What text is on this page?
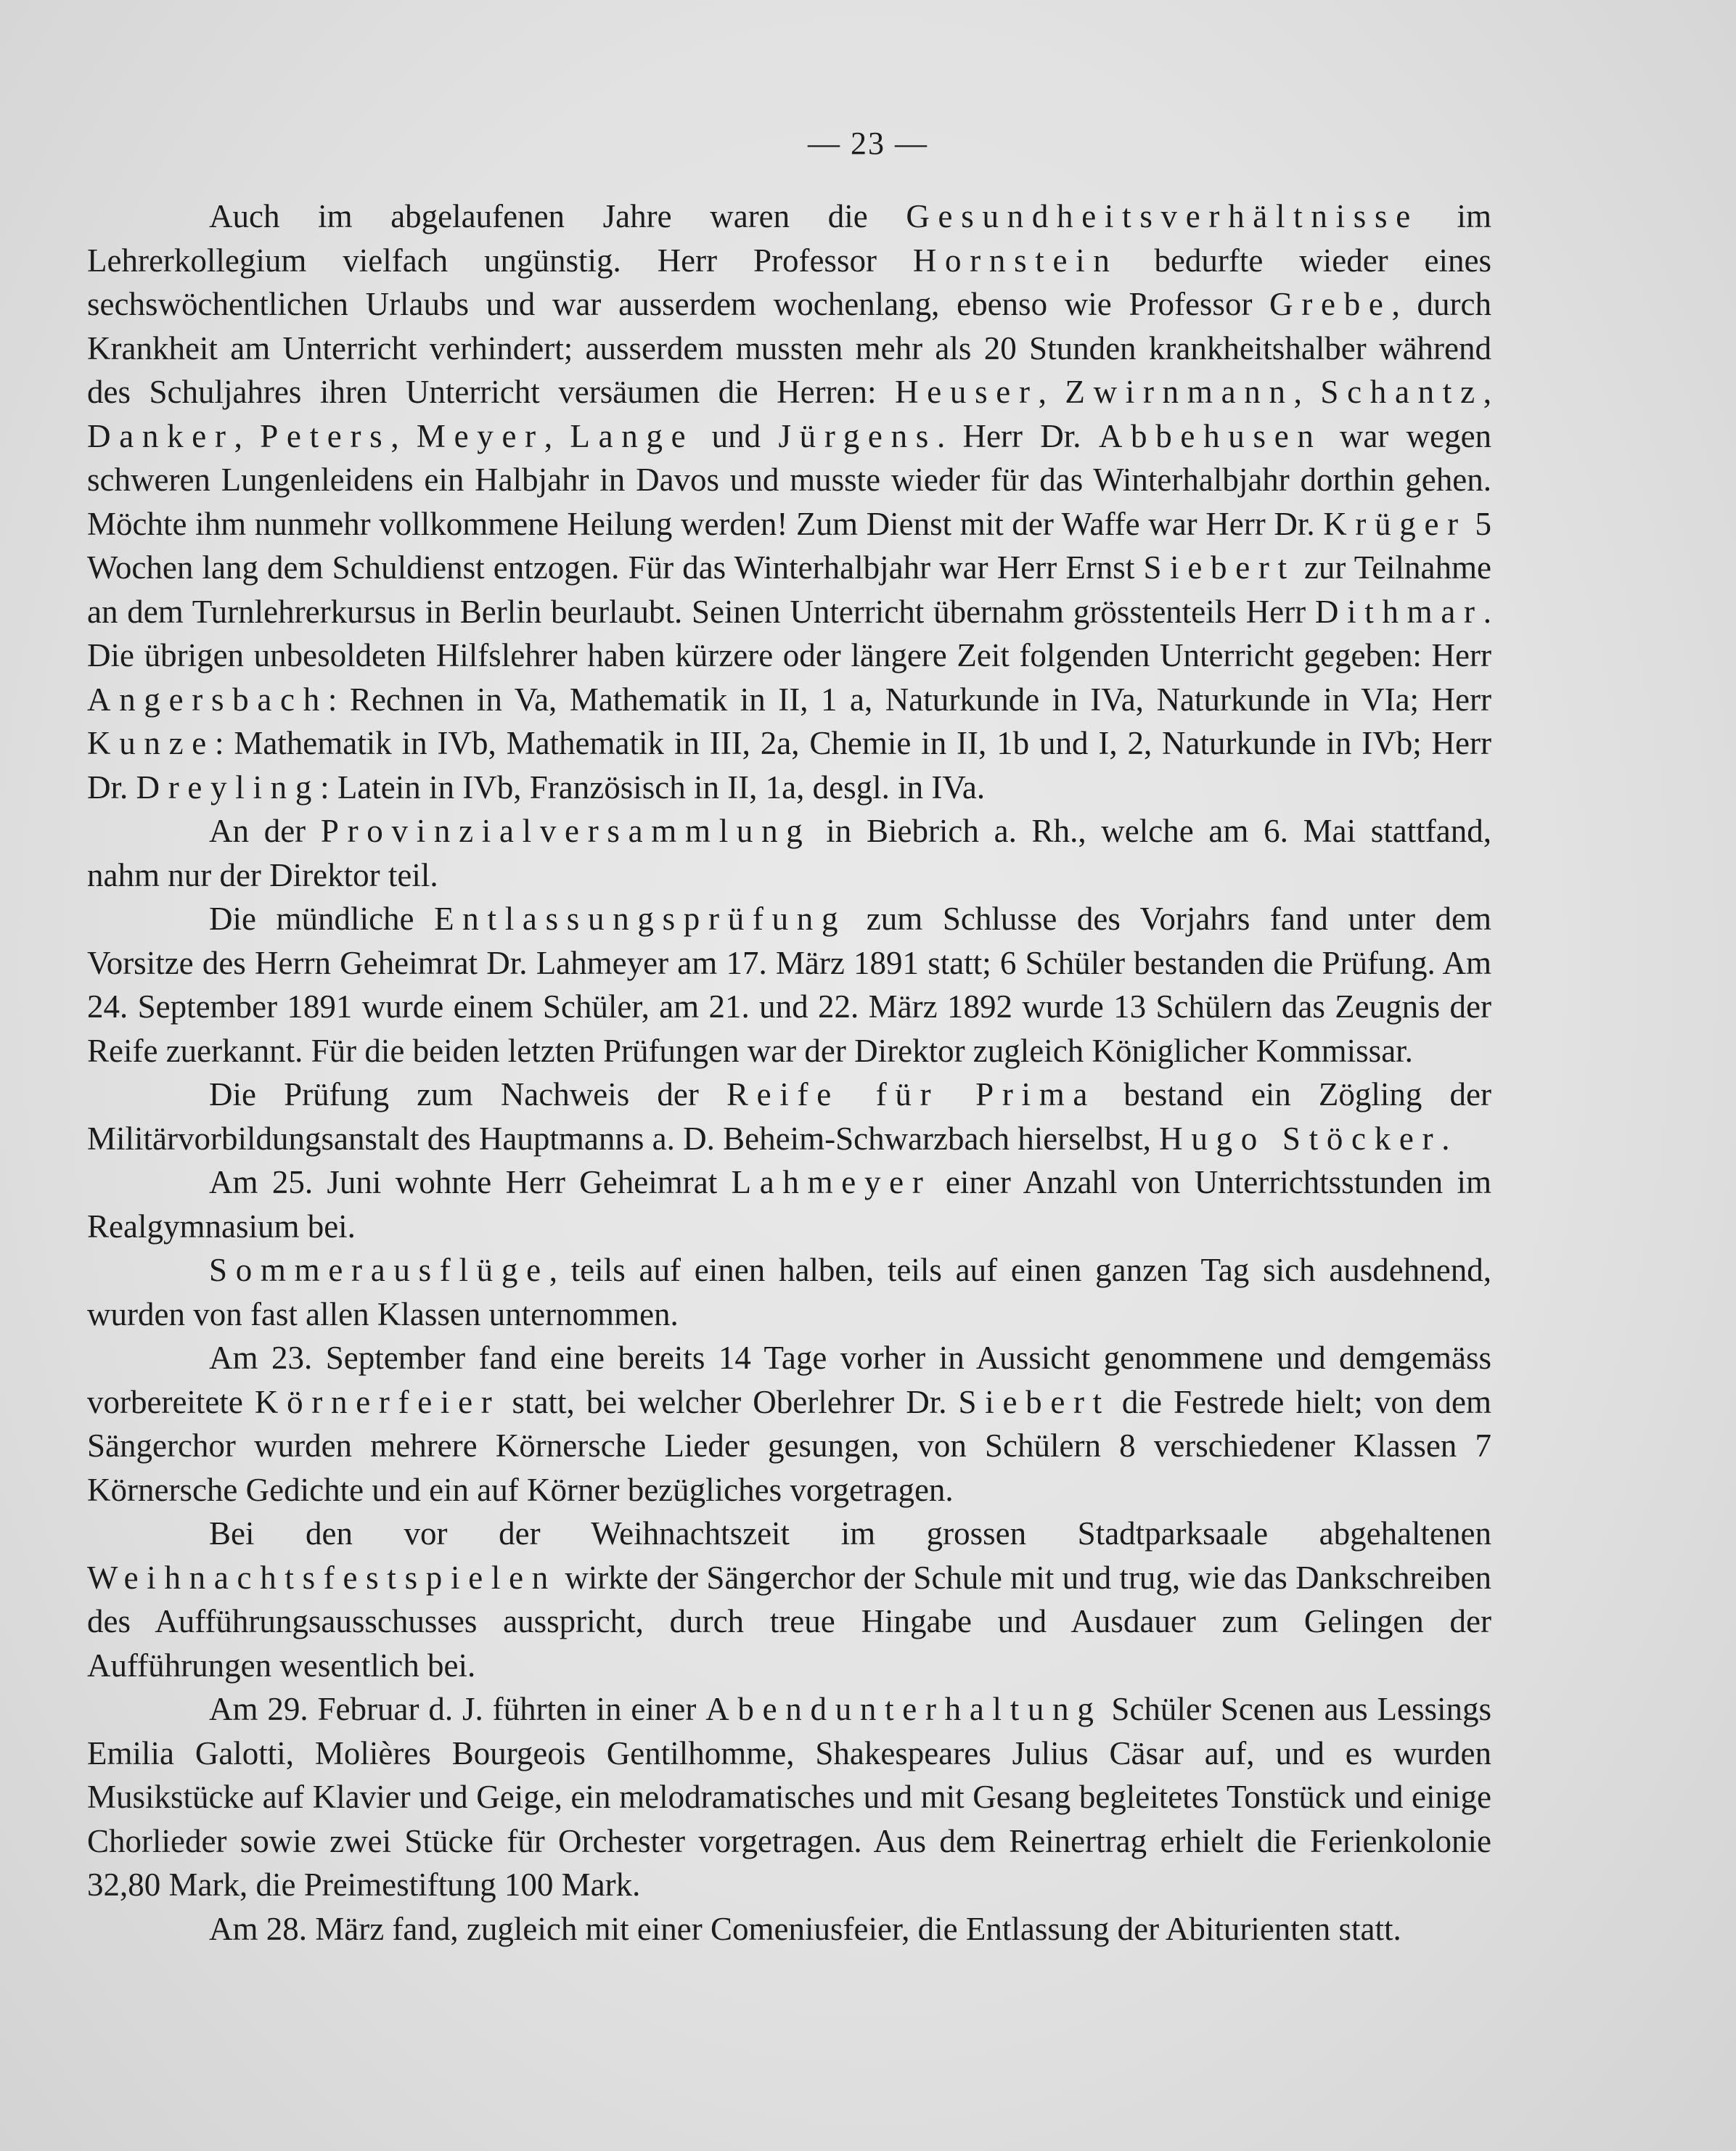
— 23 —

Auch im abgelaufenen Jahre waren die Gesundheitsverhältnisse im Lehrerkollegium vielfach ungünstig. Herr Professor Hornstein bedurfte wieder eines sechswöchentlichen Urlaubs und war ausserdem wochenlang, ebenso wie Professor Grebe, durch Krankheit am Unterricht verhindert; ausserdem mussten mehr als 20 Stunden krankheitshalber während des Schuljahres ihren Unterricht versäumen die Herren: Heuser, Zwirnmann, Schantz, Danker, Peters, Meyer, Lange und Jürgens. Herr Dr. Abbehusen war wegen schweren Lungenleidens ein Halbjahr in Davos und musste wieder für das Winterhalbjahr dorthin gehen. Möchte ihm nunmehr vollkommene Heilung werden! Zum Dienst mit der Waffe war Herr Dr. Krüger 5 Wochen lang dem Schuldienst entzogen. Für das Winterhalbjahr war Herr Ernst Siebert zur Teilnahme an dem Turnlehrerkursus in Berlin beurlaubt. Seinen Unterricht übernahm grösstenteils Herr Dithmar. Die übrigen unbesoldeten Hilfslehrer haben kürzere oder längere Zeit folgenden Unterricht gegeben: Herr Angersbach: Rechnen in Va, Mathematik in II, 1 a, Naturkunde in IVa, Naturkunde in VIa; Herr Kunze: Mathematik in IVb, Mathematik in III, 2a, Chemie in II, 1b und I, 2, Naturkunde in IVb; Herr Dr. Dreyling: Latein in IVb, Französisch in II, 1a, desgl. in IVa.

An der Provinzialversammlung in Biebrich a. Rh., welche am 6. Mai stattfand, nahm nur der Direktor teil.

Die mündliche Entlassungsprüfung zum Schlusse des Vorjahrs fand unter dem Vorsitze des Herrn Geheimrat Dr. Lahmeyer am 17. März 1891 statt; 6 Schüler bestanden die Prüfung. Am 24. September 1891 wurde einem Schüler, am 21. und 22. März 1892 wurde 13 Schülern das Zeugnis der Reife zuerkannt. Für die beiden letzten Prüfungen war der Direktor zugleich Königlicher Kommissar.

Die Prüfung zum Nachweis der Reife für Prima bestand ein Zögling der Militärvorbildungsanstalt des Hauptmanns a. D. Beheim-Schwarzbach hierselbst, Hugo Stöcker.

Am 25. Juni wohnte Herr Geheimrat Lahmeyer einer Anzahl von Unterrichtsstunden im Realgymnasium bei.

Sommerausflüge, teils auf einen halben, teils auf einen ganzen Tag sich ausdehnend, wurden von fast allen Klassen unternommen.

Am 23. September fand eine bereits 14 Tage vorher in Aussicht genommene und demgemäss vorbereitete Körnerfeier statt, bei welcher Oberlehrer Dr. Siebert die Festrede hielt; von dem Sängerchor wurden mehrere Körnersche Lieder gesungen, von Schülern 8 verschiedener Klassen 7 Körnersche Gedichte und ein auf Körner bezügliches vorgetragen.

Bei den vor der Weihnachtszeit im grossen Stadtparksaale abgehaltenen Weihnachtsfestspielen wirkte der Sängerchor der Schule mit und trug, wie das Dankschreiben des Aufführungsausschusses ausspricht, durch treue Hingabe und Ausdauer zum Gelingen der Aufführungen wesentlich bei.

Am 29. Februar d. J. führten in einer Abendunterhaltung Schüler Scenen aus Lessings Emilia Galotti, Molières Bourgeois Gentilhomme, Shakespeares Julius Cäsar auf, und es wurden Musikstücke auf Klavier und Geige, ein melodramatisches und mit Gesang begleitetes Tonstück und einige Chorlieder sowie zwei Stücke für Orchester vorgetragen. Aus dem Reinertrag erhielt die Ferienkolonie 32,80 Mark, die Preimestiftung 100 Mark.

Am 28. März fand, zugleich mit einer Comeniusfeier, die Entlassung der Abiturienten statt.
